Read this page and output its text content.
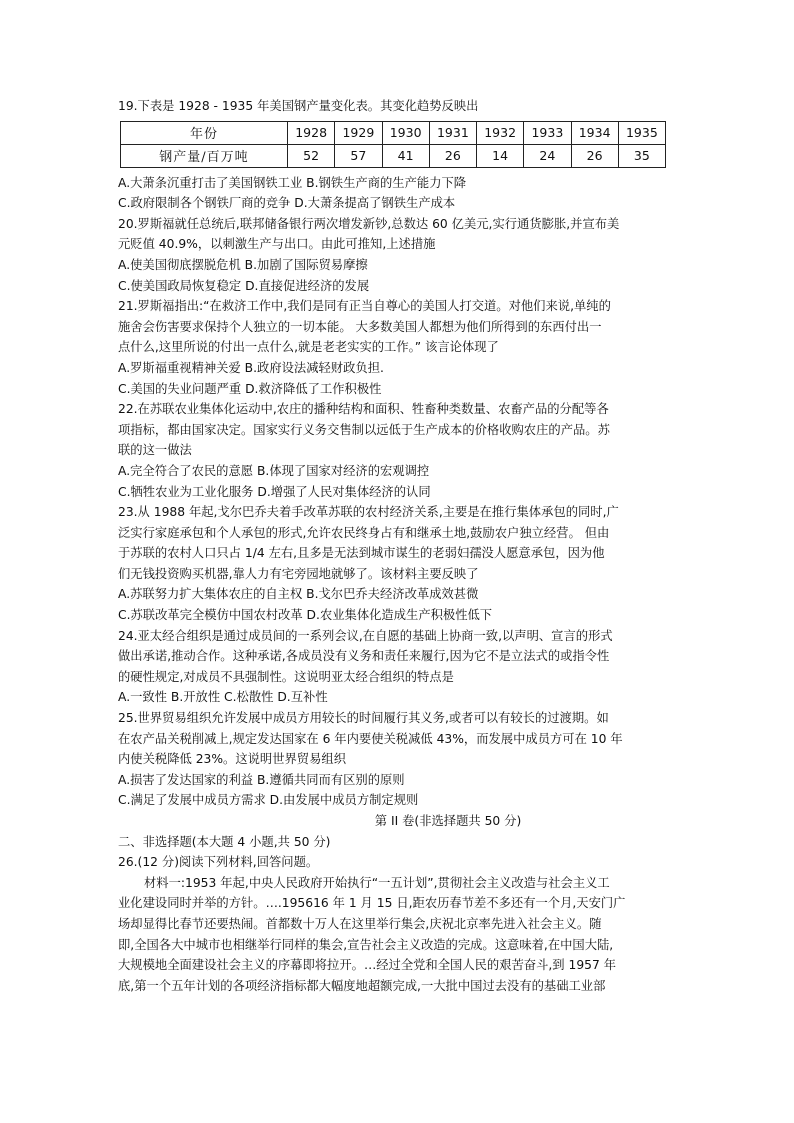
19.下表是 1928 - 1935 年美国钢产量变化表。其变化趋势反映出
年份	1928	1929	1930	1931	1932	1933	1934	1935
钢产量/百万吨	52	57	41	26	14	24	26	35
A.大萧条沉重打击了美国钢铁工业 B.钢铁生产商的生产能力下降
C.政府限制各个钢铁厂商的竞争 D.大萧条提高了钢铁生产成本
20.罗斯福就任总统后,联邦储备银行两次增发新钞,总数达 60 亿美元,实行通货膨胀,并宣布美
元贬值 40.9%，以刺激生产与出口。由此可推知,上述措施
A.使美国彻底摆脱危机 B.加剧了国际贸易摩擦
C.使美国政局恢复稳定 D.直接促进经济的发展
21.罗斯福指出:“在救济工作中,我们是同有正当自尊心的美国人打交道。对他们来说,单纯的
施舍会伤害要求保持个人独立的一切本能。 大多数美国人都想为他们所得到的东西付出一
点什么,这里所说的付出一点什么,就是老老实实的工作。” 该言论体现了
A.罗斯福重视精神关爱 B.政府设法减轻财政负担.
C.美国的失业问题严重 D.救济降低了工作积极性
22.在苏联农业集体化运动中,农庄的播种结构和面积、牲畜种类数量、农畜产品的分配等各
项指标，都由国家决定。国家实行义务交售制以远低于生产成本的价格收购农庄的产品。苏
联的这一做法
A.完全符合了农民的意愿 B.体现了国家对经济的宏观调控
C.牺牲农业为工业化服务 D.增强了人民对集体经济的认同
23.从 1988 年起,戈尔巴乔夫着手改革苏联的农村经济关系,主要是在推行集体承包的同时,广
泛实行家庭承包和个人承包的形式,允许农民终身占有和继承土地,鼓励农户独立经营。 但由
于苏联的农村人口只占 1/4 左右,且多是无法到城市谋生的老弱妇孺没人愿意承包，因为他
们无钱投资购买机器,靠人力有宅旁园地就够了。该材料主要反映了
A.苏联努力扩大集体农庄的自主权 B.戈尔巴乔夫经济改革成效甚微
C.苏联改革完全模仿中国农村改革 D.农业集体化造成生产积极性低下
24.亚太经合组织是通过成员间的一系列会议,在自愿的基础上协商一致,以声明、宣言的形式
做出承诺,推动合作。这种承诺,各成员没有义务和责任来履行,因为它不是立法式的或指令性
的硬性规定,对成员不具强制性。这说明亚太经合组织的特点是
A.一致性 B.开放性 C.松散性 D.互补性
25.世界贸易组织允许发展中成员方用较长的时间履行其义务,或者可以有较长的过渡期。如
在农产品关税削减上,规定发达国家在 6 年内要使关税减低 43%，而发展中成员方可在 10 年
内使关税降低 23%。这说明世界贸易组织
A.损害了发达国家的利益 B.遵循共同而有区别的原则
C.满足了发展中成员方需求 D.由发展中成员方制定规则
第 II 卷(非选择题共 50 分)
二、非选择题(本大题 4 小题,共 50 分)
26.(12 分)阅读下列材料,回答问题。
材料一:1953 年起,中央人民政府开始执行“一五计划”,贯彻社会主义改造与社会主义工
业化建设同时并举的方针。….195616 年 1 月 15 日,距农历春节差不多还有一个月,天安门广
场却显得比春节还要热闹。首都数十万人在这里举行集会,庆祝北京率先进入社会主义。随
即,全国各大中城市也相继举行同样的集会,宣告社会主义改造的完成。这意味着,在中国大陆,
大规模地全面建设社会主义的序幕即将拉开。…经过全党和全国人民的艰苦奋斗,到 1957 年
底,第一个五年计划的各项经济指标都大幅度地超额完成,一大批中国过去没有的基础工业部
